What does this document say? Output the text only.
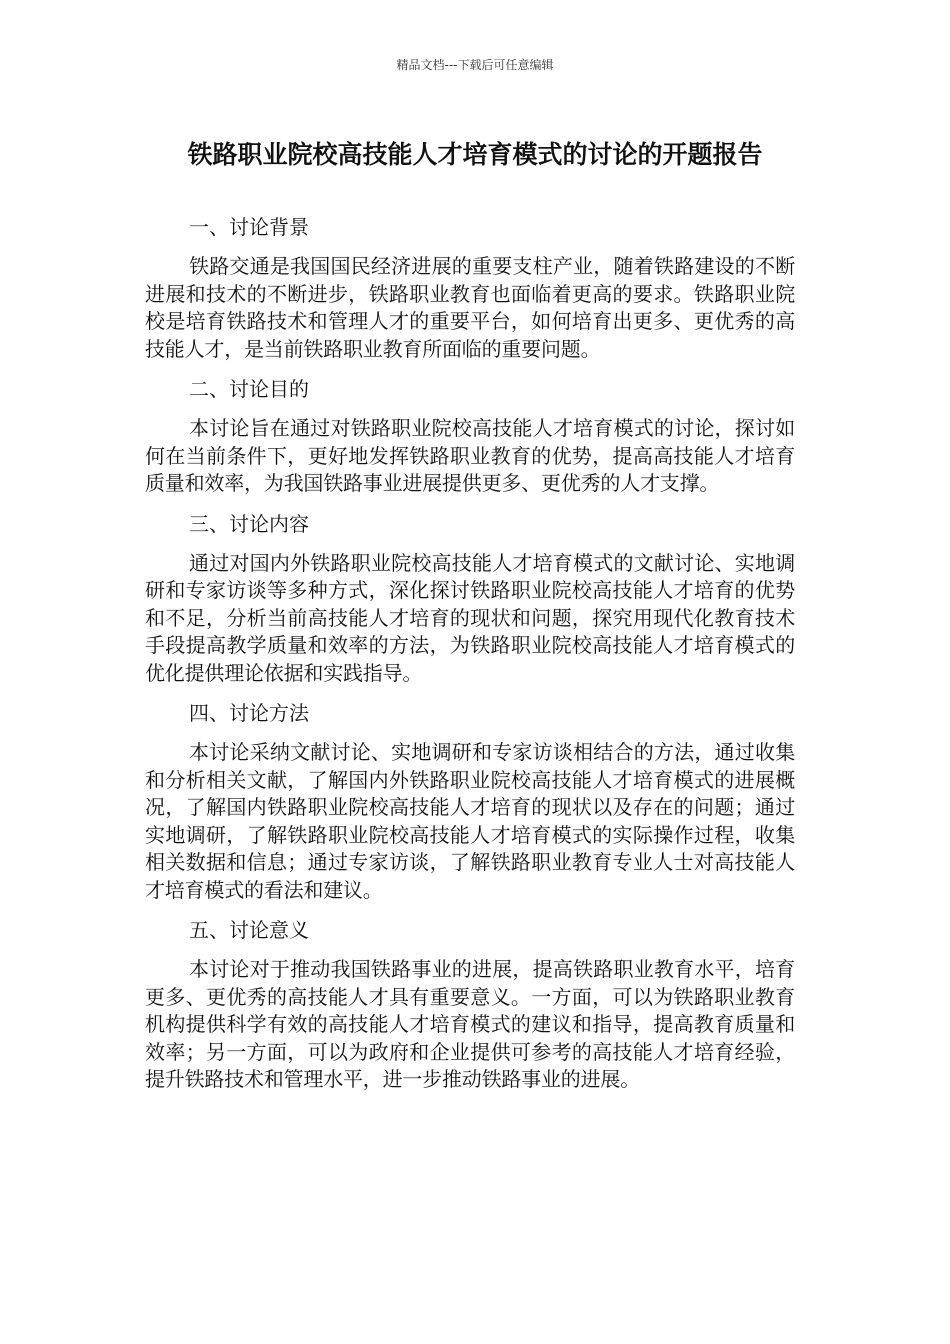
精品文档---下载后可任意编辑
铁路职业院校高技能人才培育模式的讨论的开题报告
一、讨论背景

铁路交通是我国国民经济进展的重要支柱产业，随着铁路建设的不断进展和技术的不断进步，铁路职业教育也面临着更高的要求。铁路职业院校是培育铁路技术和管理人才的重要平台，如何培育出更多、更优秀的高技能人才，是当前铁路职业教育所面临的重要问题。

二、讨论目的

本讨论旨在通过对铁路职业院校高技能人才培育模式的讨论，探讨如何在当前条件下，更好地发挥铁路职业教育的优势，提高高技能人才培育质量和效率，为我国铁路事业进展提供更多、更优秀的人才支撑。

三、讨论内容

通过对国内外铁路职业院校高技能人才培育模式的文献讨论、实地调研和专家访谈等多种方式，深化探讨铁路职业院校高技能人才培育的优势和不足，分析当前高技能人才培育的现状和问题，探究用现代化教育技术手段提高教学质量和效率的方法，为铁路职业院校高技能人才培育模式的优化提供理论依据和实践指导。

四、讨论方法

本讨论采纳文献讨论、实地调研和专家访谈相结合的方法，通过收集和分析相关文献，了解国内外铁路职业院校高技能人才培育模式的进展概况，了解国内铁路职业院校高技能人才培育的现状以及存在的问题；通过实地调研，了解铁路职业院校高技能人才培育模式的实际操作过程，收集相关数据和信息；通过专家访谈，了解铁路职业教育专业人士对高技能人才培育模式的看法和建议。

五、讨论意义

本讨论对于推动我国铁路事业的进展，提高铁路职业教育水平，培育更多、更优秀的高技能人才具有重要意义。一方面，可以为铁路职业教育机构提供科学有效的高技能人才培育模式的建议和指导，提高教育质量和效率；另一方面，可以为政府和企业提供可参考的高技能人才培育经验，提升铁路技术和管理水平，进一步推动铁路事业的进展。
